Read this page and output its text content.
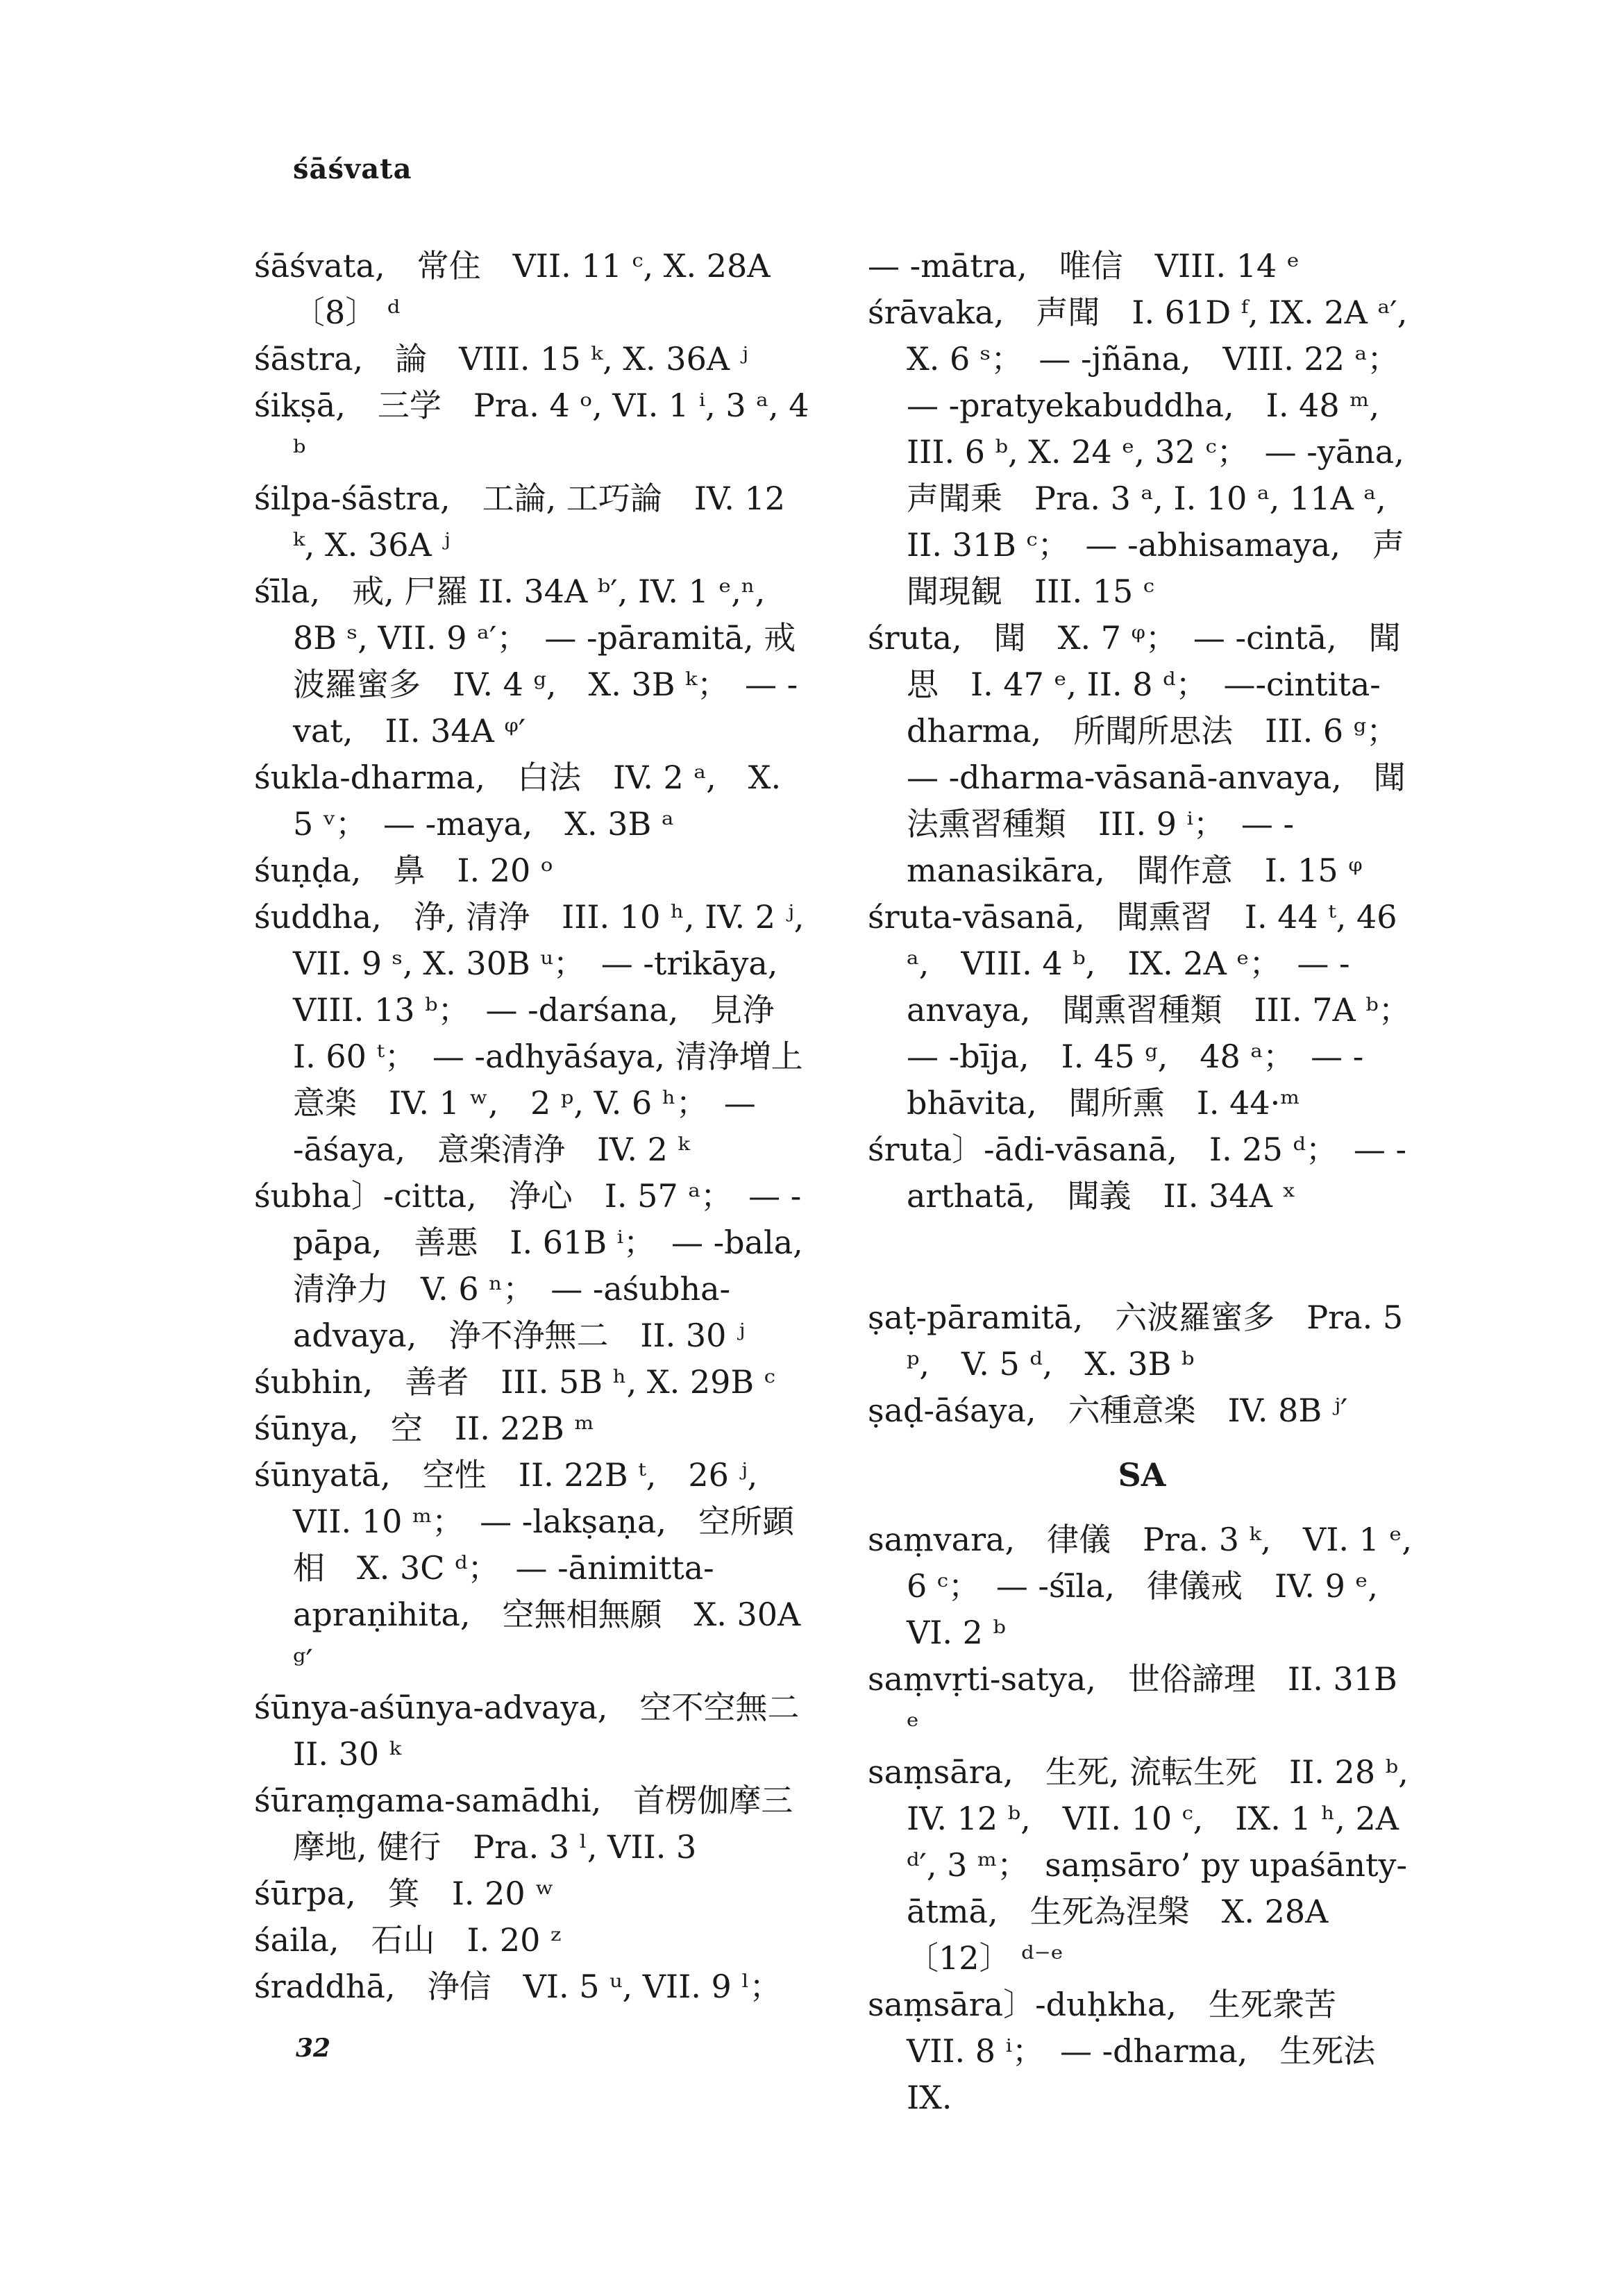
śāśvata

śāśvata,　常住　VII. 11 ᶜ, X. 28A 〔8〕 ᵈ

śāstra,　論　VIII. 15 ᵏ, X. 36A ʲ

śikṣā,　三学　Pra. 4 ᵒ, VI. 1 ⁱ, 3 ᵃ, 4 ᵇ

śilpa-śāstra,　工論, 工巧論　IV. 12 ᵏ, X. 36A ʲ

śīla,　戒, 尸羅 II. 34A ᵇ′, IV. 1 ᵉ,ⁿ, 8B ˢ, VII. 9 ᵃ′；　— -pāramitā, 戒波羅蜜多　IV. 4 ᵍ,　X. 3B ᵏ；　— -vat,　II. 34A ᵠ′

śukla-dharma,　白法　IV. 2 ᵃ,　X. 5 ᵛ；　— -maya,　X. 3B ᵃ

śuṇḍa,　鼻　I. 20 ᵒ

śuddha,　浄, 清浄　III. 10 ʰ, IV. 2 ʲ, VII. 9 ˢ, X. 30B ᵘ；　— -trikāya, VIII. 13 ᵇ；　— -darśana,　見浄　I. 60 ᵗ；　— -adhyāśaya, 清浄増上意楽　IV. 1 ʷ,　2 ᵖ, V. 6 ʰ；　— -āśaya,　意楽清浄　IV. 2 ᵏ

śubha〕-citta,　浄心　I. 57 ᵃ；　— -pāpa,　善悪　I. 61B ⁱ；　— -bala, 清浄力　V. 6 ⁿ；　— -aśubha-advaya,　浄不浄無二　II. 30 ʲ

śubhin,　善者　III. 5B ʰ, X. 29B ᶜ

śūnya,　空　II. 22B ᵐ

śūnyatā,　空性　II. 22B ᵗ,　26 ʲ, VII. 10 ᵐ；　— -lakṣaṇa,　空所顕相　X. 3C ᵈ；　— -ānimitta-apraṇihita,　空無相無願　X. 30A ᵍ′

śūnya-aśūnya-advaya,　空不空無二 II. 30 ᵏ

śūraṃgama-samādhi,　首楞伽摩三摩地, 健行　Pra. 3 ˡ, VII. 3

śūrpa,　箕　I. 20 ʷ

śaila,　石山　I. 20 ᶻ

śraddhā,　浄信　VI. 5 ᵘ, VII. 9 ˡ；

— -mātra,　唯信　VIII. 14 ᵉ

śrāvaka,　声聞　I. 61D ᶠ, IX. 2A ᵃ′, X. 6 ˢ；　— -jñāna,　VIII. 22 ᵃ；　— -pratyekabuddha,　I. 48 ᵐ, III. 6 ᵇ, X. 24 ᵉ, 32 ᶜ；　— -yāna, 声聞乗　Pra. 3 ᵃ, I. 10 ᵃ, 11A ᵃ, II. 31B ᶜ；　— -abhisamaya,　声聞現観　III. 15 ᶜ

śruta,　聞　X. 7 ᵠ；　— -cintā,　聞思　I. 47 ᵉ, II. 8 ᵈ；　—-cintita-dharma,　所聞所思法　III. 6 ᵍ；　— -dharma-vāsanā-anvaya,　聞法熏習種類　III. 9 ⁱ；　— -manasikāra,　聞作意　I. 15 ᵠ

śruta-vāsanā,　聞熏習　I. 44 ᵗ, 46 ᵃ,　VIII. 4 ᵇ,　IX. 2A ᵉ；　— -anvaya,　聞熏習種類　III. 7A ᵇ；　— -bīja,　I. 45 ᵍ,　48 ᵃ；　— -bhāvita,　聞所熏　I. 44·ᵐ

śruta〕-ādi-vāsanā,　I. 25 ᵈ；　— -arthatā,　聞義　II. 34A ˣ

ṣaṭ-pāramitā,　六波羅蜜多　Pra. 5 ᵖ,　V. 5 ᵈ,　X. 3B ᵇ

ṣaḍ-āśaya,　六種意楽　IV. 8B ʲ′

SA

saṃvara,　律儀　Pra. 3 ᵏ,　VI. 1 ᵉ, 6 ᶜ；　— -śīla,　律儀戒　IV. 9 ᵉ, VI. 2 ᵇ

saṃvṛti-satya,　世俗諦理　II. 31B ᵉ

saṃsāra,　生死, 流転生死　II. 28 ᵇ, IV. 12 ᵇ,　VII. 10 ᶜ,　IX. 1 ʰ, 2A ᵈ′, 3 ᵐ；　saṃsāro’ py upaśānty-ātmā,　生死為涅槃　X. 28A〔12〕 ᵈ⁻ᵉ

saṃsāra〕-duḥkha,　生死衆苦　VII. 8 ⁱ；　— -dharma,　生死法　IX.

32
